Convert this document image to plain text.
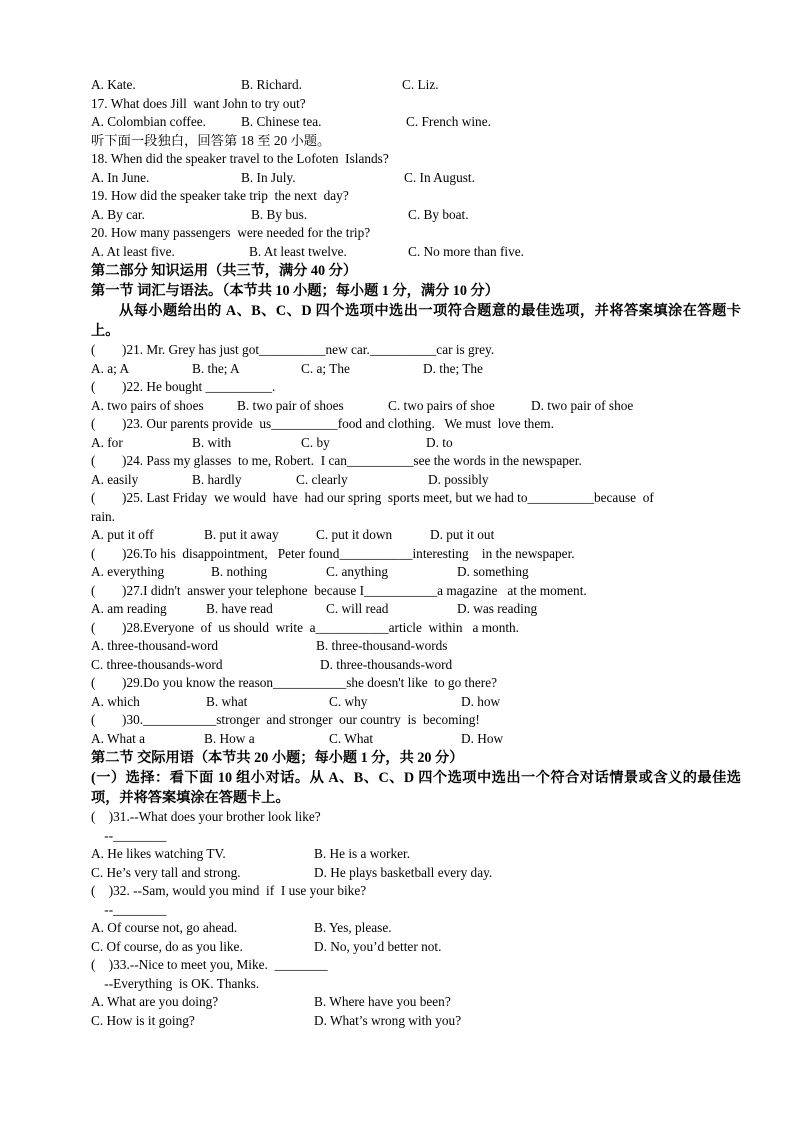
A. Kate.	B. Richard.	C. Liz.
17. What does Jill  want John to try out?
A. Colombian coffee.	B. Chinese tea.	C. French wine.
听下面一段独白，回答第 18 至 20 小题。
18. When did the speaker travel to the Lofoten  Islands?
A. In June.	B. In July.	C. In August.
19. How did the speaker take trip  the next  day?
A. By car.	B. By bus.	C. By boat.
20. How many passengers  were needed for the trip?
A. At least five.	B. At least twelve.	C. No more than five.
第二部分 知识运用（共三节，满分 40 分）
第一节 词汇与语法。（本节共 10 小题；每小题 1 分，满分 10 分）
从每小题给出的 A、B、C、D 四个选项中选出一项符合题意的最佳选项，并将答案填涂在答题卡上。
(        )21. Mr. Grey has just got__________new car.__________car is grey.
A. a; A	B. the; A	C. a; The	D. the; The
(        )22. He bought __________.
A. two pairs of shoes	B. two pair of shoes	C. two pairs of shoe	D. two pair of shoe
(        )23. Our parents provide  us__________food and clothing.   We must  love them.
A. for	B. with	C. by	D. to
(        )24. Pass my glasses  to me, Robert.  I can__________see the words in the newspaper.
A. easily	B. hardly	C. clearly	D. possibly
(        )25. Last Friday  we would  have  had our spring  sports meet, but we had to__________because  of
rain.
A. put it off	B. put it away	C. put it down	D. put it out
(        )26.To his  disappointment,   Peter found___________interesting    in the newspaper.
A. everything	B. nothing	C. anything	D. something
(        )27.I didn't  answer your telephone  because I___________a magazine   at the moment.
A. am reading	B. have read	C. will read	D. was reading
(        )28.Everyone  of  us should  write  a___________article  within   a month.
A. three-thousand-word	B. three-thousand-words
C. three-thousands-word	D. three-thousands-word
(        )29.Do you know the reason___________she doesn't like  to go there?
A. which	B. what	C. why	D. how
(        )30.___________stronger  and stronger  our country  is  becoming!
A. What a	B. How a	C. What	D. How
第二节 交际用语（本节共 20 小题；每小题 1 分，共 20 分）
(一）选择：看下面 10 组小对话。从 A、B、C、D 四个选项中选出一个符合对话情景或含义的最佳选项，并将答案填涂在答题卡上。
(    )31.--What does your brother look like?
--________
A. He likes watching TV.	B. He is a worker.
C. He’s very tall and strong.	D. He plays basketball every day.
(    )32. --Sam, would you mind  if  I use your bike?
--________
A. Of course not, go ahead.	B. Yes, please.
C. Of course, do as you like.	D. No, you’d better not.
(    )33.--Nice to meet you, Mike.  ________
--Everything  is OK. Thanks.
A. What are you doing?	B. Where have you been?
C. How is it going?	D. What’s wrong with you?
